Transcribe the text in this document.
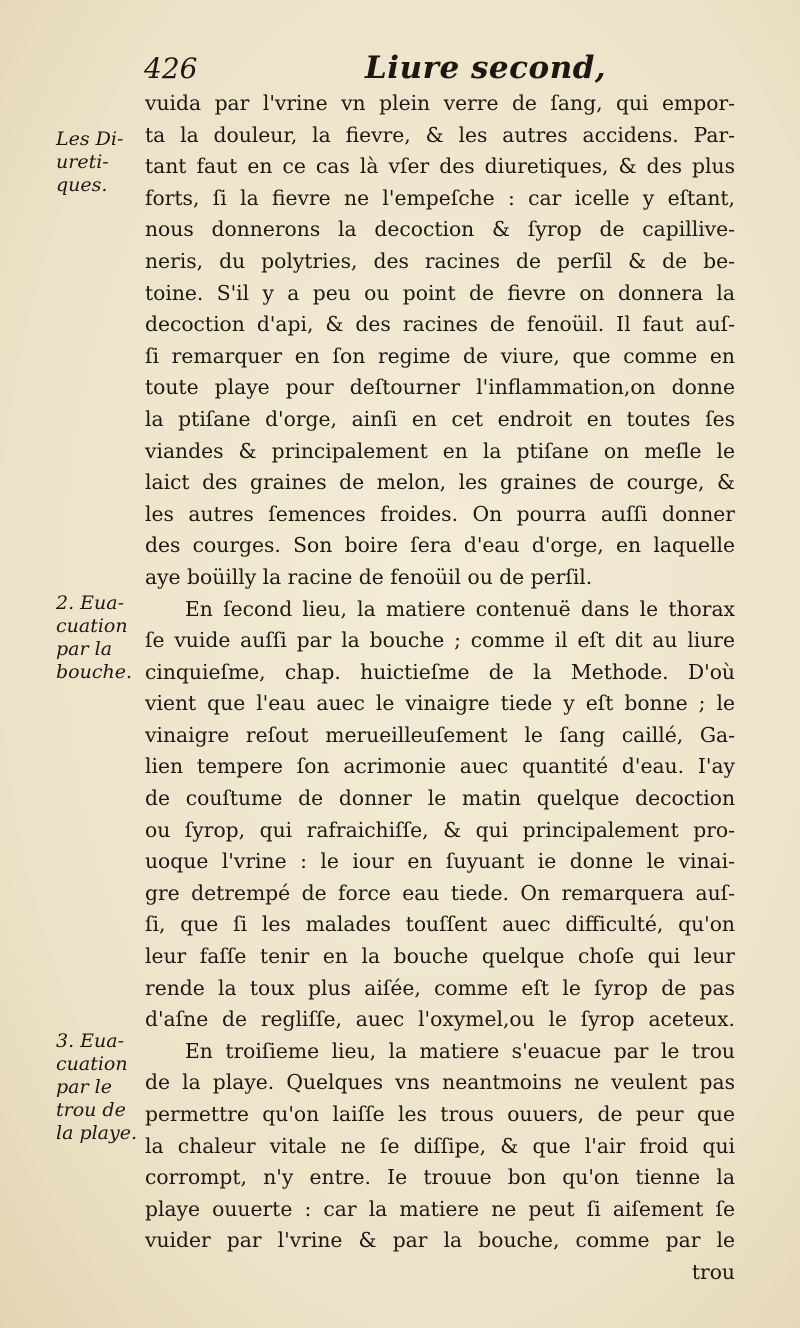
426	Liure second,
Les Di-
ureti-
ques.
2. Eua-
cuation
par la
bouche.
3. Eua-
cuation
par le
trou de
la playe.
vuida par l'vrine vn plein verre de ſang, qui empor-
ta la douleur, la fievre, & les autres accidens. Par-
tant faut en ce cas là vſer des diuretiques, & des plus
forts, ſi la fievre ne l'empeſche : car icelle y eſtant,
nous donnerons la decoction & ſyrop de capillive-
neris, du polytries, des racines de perſil & de be-
toine. S'il y a peu ou point de fievre on donnera la
decoction d'api, & des racines de fenoüil. Il faut auſ-
ſi remarquer en ſon regime de viure, que comme en
toute playe pour deſtourner l'inflammation,on donne
la ptiſane d'orge, ainſi en cet endroit en toutes ſes
viandes & principalement en la ptiſane on meſle le
laict des graines de melon, les graines de courge, &
les autres ſemences froides. On pourra auſſi donner
des courges. Son boire ſera d'eau d'orge, en laquelle
aye boüilly la racine de fenoüil ou de perſil.
En ſecond lieu, la matiere contenuë dans le thorax
ſe vuide auſſi par la bouche ; comme il eſt dit au liure
cinquieſme, chap. huictieſme de la Methode. D'où
vient que l'eau auec le vinaigre tiede y eſt bonne ; le
vinaigre reſout merueilleuſement le ſang caillé, Ga-
lien tempere ſon acrimonie auec quantité d'eau. I'ay
de couſtume de donner le matin quelque decoction
ou ſyrop, qui rafraichiſſe, & qui principalement pro-
uoque l'vrine : le iour en ſuyuant ie donne le vinai-
gre detrempé de force eau tiede. On remarquera auſ-
ſi, que ſi les malades touſſent auec difficulté, qu'on
leur faſſe tenir en la bouche quelque choſe qui leur
rende la toux plus aiſée, comme eſt le ſyrop de pas
d'aſne de regliſſe, auec l'oxymel,ou le ſyrop aceteux.
En troiſieme lieu, la matiere s'euacue par le trou
de la playe. Quelques vns neantmoins ne veulent pas
permettre qu'on laiſſe les trous ouuers, de peur que
la chaleur vitale ne ſe diſſipe, & que l'air froid qui
corrompt, n'y entre. Ie trouue bon qu'on tienne la
playe ouuerte : car la matiere ne peut ſi aiſement ſe
vuider par l'vrine & par la bouche, comme par le
trou
